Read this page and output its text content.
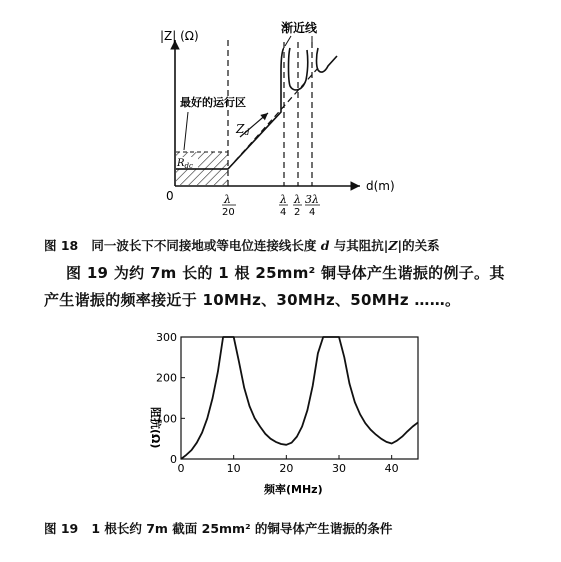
|Z| (Ω)
d(m)
0
$R_{dc}$
最好的运行区
Zd
渐近线
λ
20
λ
4
λ
2
3λ
4
阻抗(Ω)
频率(MHz)
0	10	20	30	40
0
100
200
300
图 18 同一波长下不同接地或等电位连接线长度 d 与其阻抗|Z|的关系
图 19 为约 7m 长的 1 根 25mm² 铜导体产生谐振的例子。其
产生谐振的频率接近于 10MHz、30MHz、50MHz ……。
图 19 1 根长约 7m 截面 25mm² 的铜导体产生谐振的条件
